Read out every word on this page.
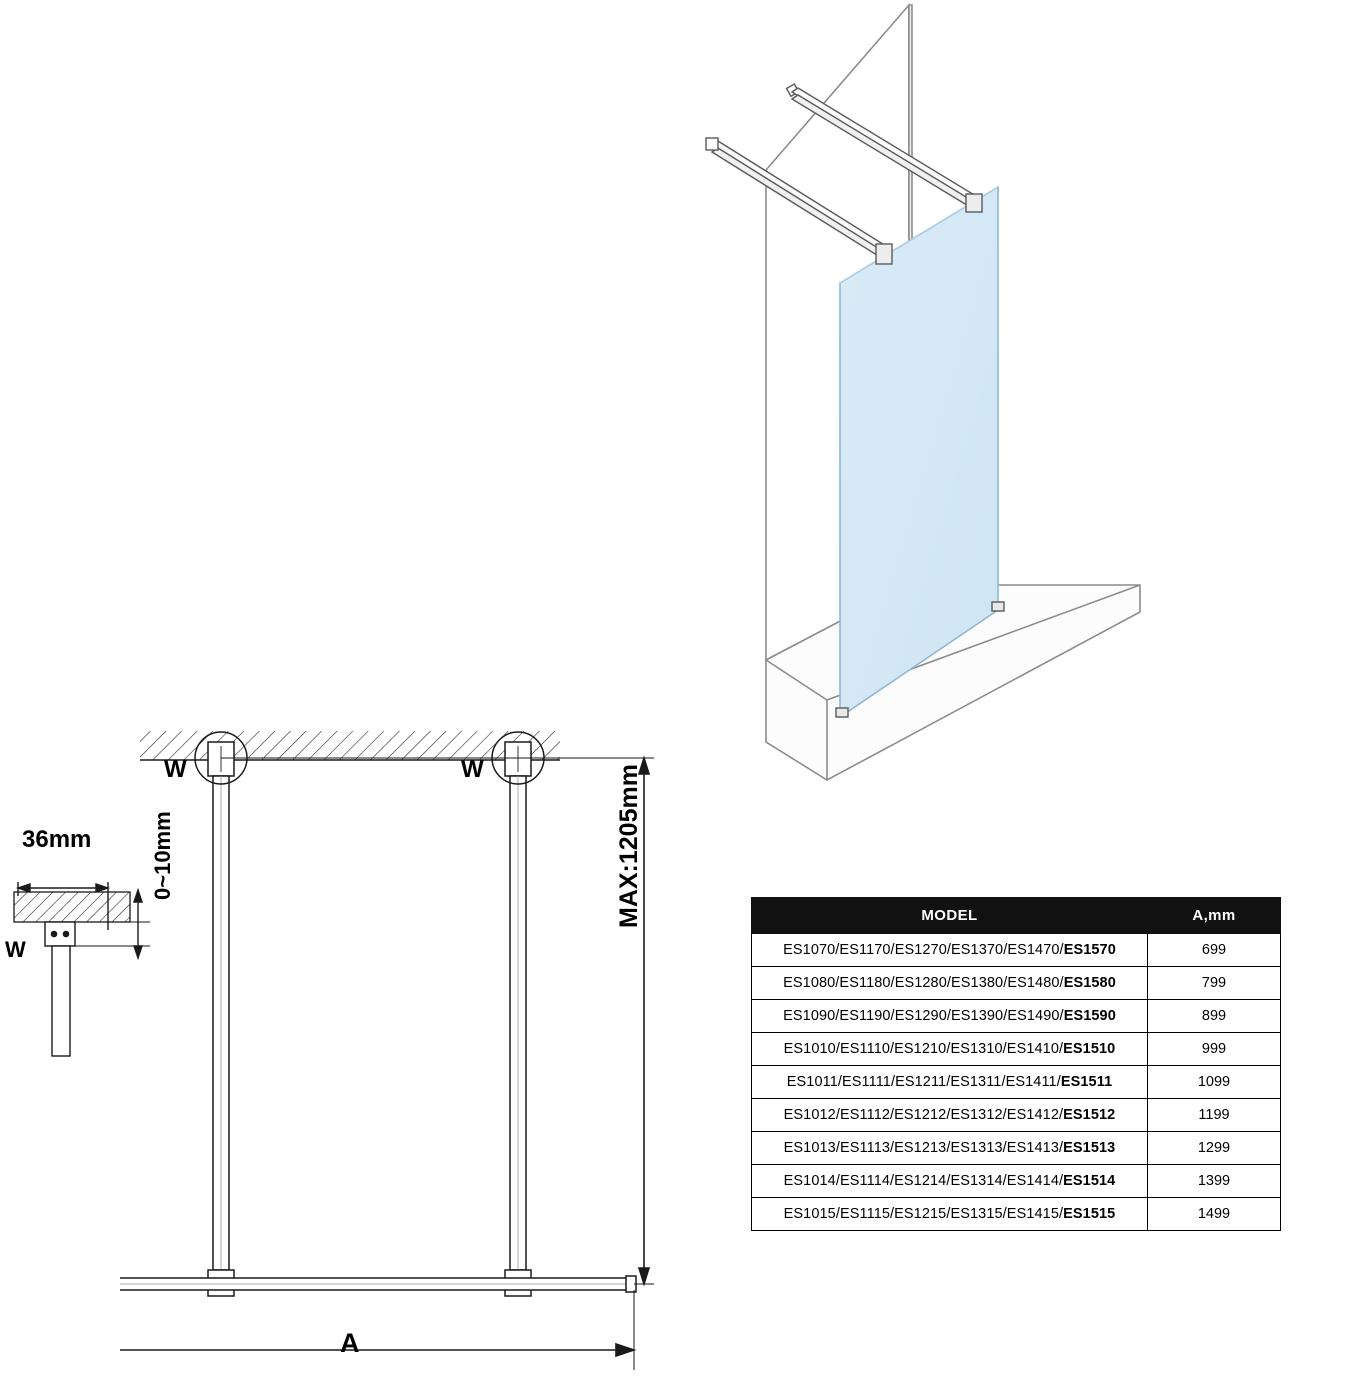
36mm	0~10mm
W
W	W	MAX:1205mm
A
MODEL	A,mm
ES1070/ES1170/ES1270/ES1370/ES1470/ES1570	699
ES1080/ES1180/ES1280/ES1380/ES1480/ES1580	799
ES1090/ES1190/ES1290/ES1390/ES1490/ES1590	899
ES1010/ES1110/ES1210/ES1310/ES1410/ES1510	999
ES1011/ES1111/ES1211/ES1311/ES1411/ES1511	1099
ES1012/ES1112/ES1212/ES1312/ES1412/ES1512	1199
ES1013/ES1113/ES1213/ES1313/ES1413/ES1513	1299
ES1014/ES1114/ES1214/ES1314/ES1414/ES1514	1399
ES1015/ES1115/ES1215/ES1315/ES1415/ES1515	1499
